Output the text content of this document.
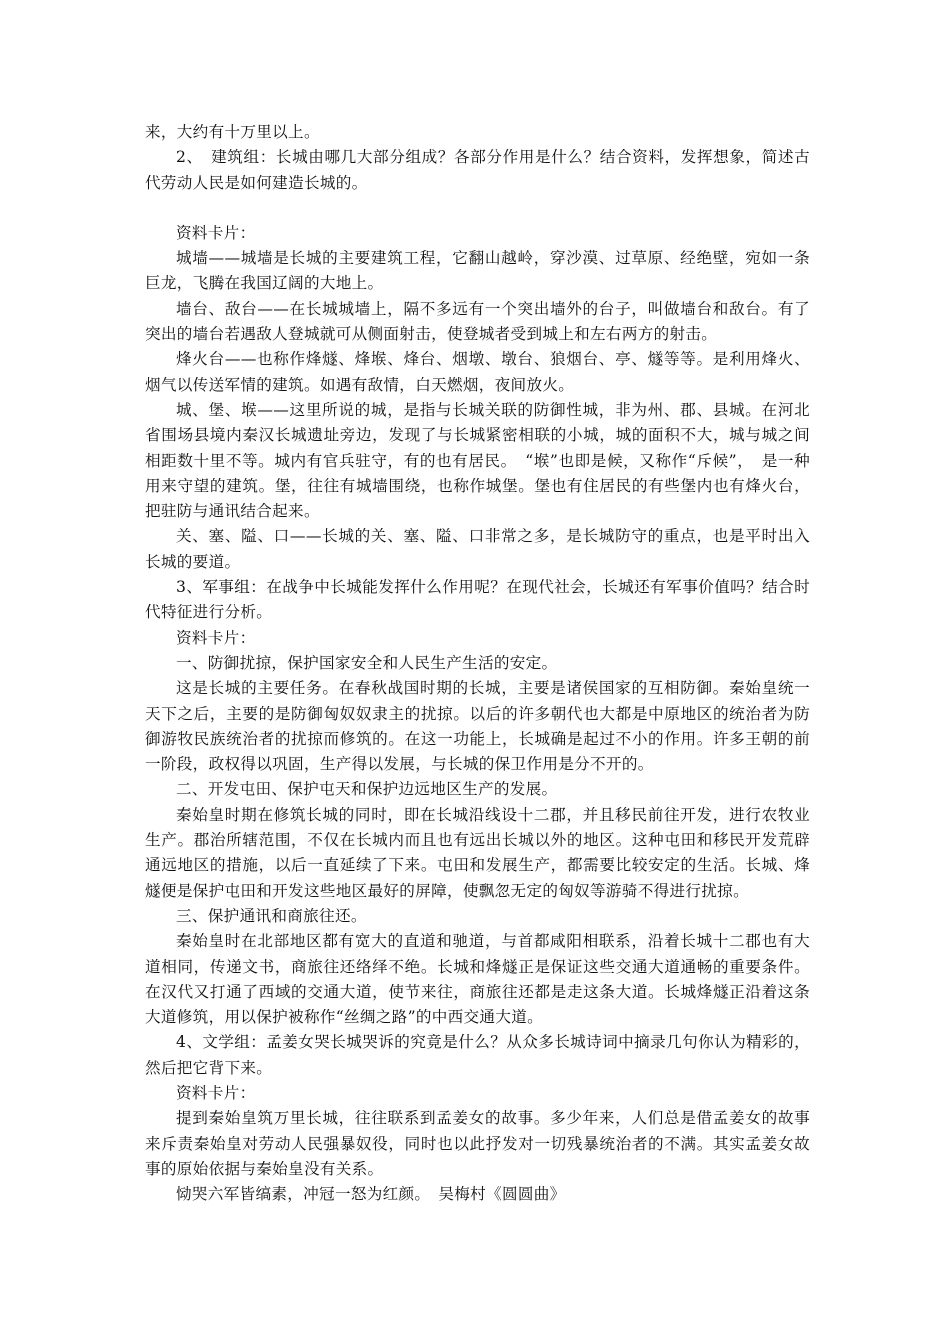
来，大约有十万里以上。

2、　建筑组：长城由哪几大部分组成？各部分作用是什么？结合资料，发挥想象，简述古代劳动人民是如何建造长城的。

资料卡片：

城墙——城墙是长城的主要建筑工程，它翻山越岭，穿沙漠、过草原、经绝壁，宛如一条巨龙，飞腾在我国辽阔的大地上。

墙台、敌台——在长城城墙上，隔不多远有一个突出墙外的台子，叫做墙台和敌台。有了突出的墙台若遇敌人登城就可从侧面射击，使登城者受到城上和左右两方的射击。

烽火台——也称作烽燧、烽堠、烽台、烟墩、墩台、狼烟台、亭、燧等等。是利用烽火、烟气以传送军情的建筑。如遇有敌情，白天燃烟，夜间放火。

城、堡、堠——这里所说的城，是指与长城关联的防御性城，非为州、郡、县城。在河北省围场县境内秦汉长城遗址旁边，发现了与长城紧密相联的小城，城的面积不大，城与城之间相距数十里不等。城内有官兵驻守，有的也有居民。　“堠”也即是候，又称作“斥候”，　是一种用来守望的建筑。堡，往往有城墙围绕，也称作城堡。堡也有住居民的有些堡内也有烽火台，把驻防与通讯结合起来。

关、塞、隘、口——长城的关、塞、隘、口非常之多，是长城防守的重点，也是平时出入长城的要道。

3、军事组：在战争中长城能发挥什么作用呢？在现代社会，长城还有军事价值吗？结合时代特征进行分析。

资料卡片：

一、防御扰掠，保护国家安全和人民生产生活的安定。

这是长城的主要任务。在春秋战国时期的长城，主要是诸侯国家的互相防御。秦始皇统一天下之后，主要的是防御匈奴奴隶主的扰掠。以后的许多朝代也大都是中原地区的统治者为防御游牧民族统治者的扰掠而修筑的。在这一功能上，长城确是起过不小的作用。许多王朝的前一阶段，政权得以巩固，生产得以发展，与长城的保卫作用是分不开的。

二、开发屯田、保护屯天和保护边远地区生产的发展。

秦始皇时期在修筑长城的同时，即在长城沿线设十二郡，并且移民前往开发，进行农牧业生产。郡治所辖范围，不仅在长城内而且也有远出长城以外的地区。这种屯田和移民开发荒辟通远地区的措施，以后一直延续了下来。屯田和发展生产，都需要比较安定的生活。长城、烽燧便是保护屯田和开发这些地区最好的屏障，使飘忽无定的匈奴等游骑不得进行扰掠。

三、保护通讯和商旅往还。

秦始皇时在北部地区都有宽大的直道和驰道，与首都咸阳相联系，沿着长城十二郡也有大道相同，传递文书，商旅往还络绎不绝。长城和烽燧正是保证这些交通大道通畅的重要条件。在汉代又打通了西域的交通大道，使节来往，商旅往还都是走这条大道。长城烽燧正沿着这条大道修筑，用以保护被称作“丝绸之路”的中西交通大道。

4、文学组：孟姜女哭长城哭诉的究竟是什么？从众多长城诗词中摘录几句你认为精彩的，然后把它背下来。

资料卡片：

提到秦始皇筑万里长城，往往联系到孟姜女的故事。多少年来，人们总是借孟姜女的故事来斥责秦始皇对劳动人民强暴奴役，同时也以此抒发对一切残暴统治者的不满。其实孟姜女故事的原始依据与秦始皇没有关系。

恸哭六军皆缟素，冲冠一怒为红颜。　吴梅村《圆圆曲》
